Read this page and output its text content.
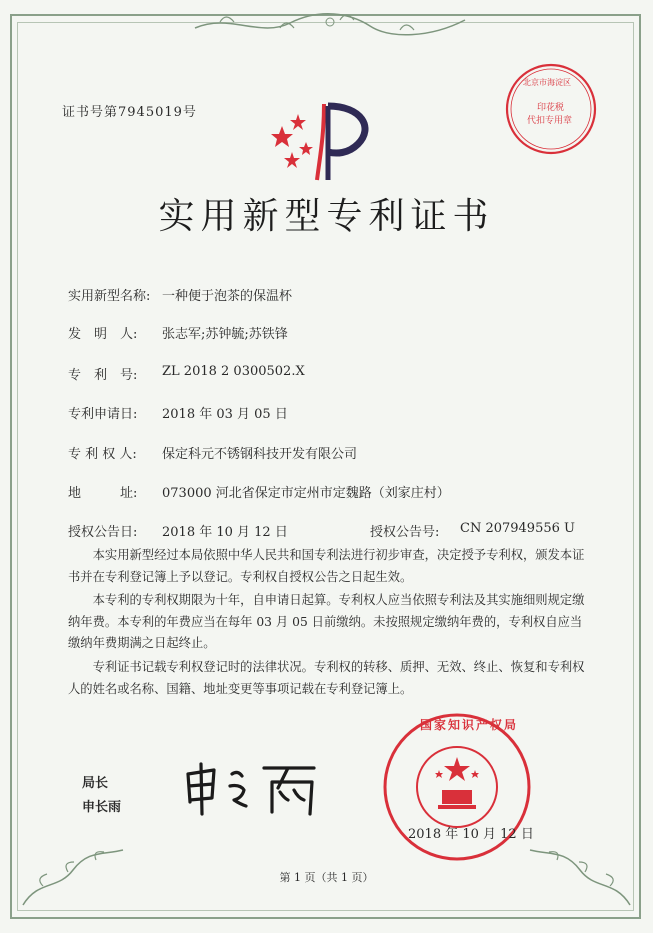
证书号第7945019号
北京市海淀区
印花税
代扣专用章
实用新型专利证书
实用新型名称: 一种便于泡茶的保温杯
发　明　人: 张志军;苏钟毓;苏铁锋
专　利　号: ZL 2018 2 0300502.X
专利申请日: 2018 年 03 月 05 日
专 利 权 人: 保定科元不锈钢科技开发有限公司
地　　　址: 073000 河北省保定市定州市定魏路（刘家庄村）
授权公告日: 2018 年 10 月 12 日	授权公告号: CN 207949556 U
　　本实用新型经过本局依照中华人民共和国专利法进行初步审查，决定授予专利权，颁发本证书并在专利登记簿上予以登记。专利权自授权公告之日起生效。
　　本专利的专利权期限为十年，自申请日起算。专利权人应当依照专利法及其实施细则规定缴纳年费。本专利的年费应当在每年 03 月 05 日前缴纳。未按照规定缴纳年费的，专利权自应当缴纳年费期满之日起终止。
　　专利证书记载专利权登记时的法律状况。专利权的转移、质押、无效、终止、恢复和专利权人的姓名或名称、国籍、地址变更等事项记载在专利登记簿上。
局长
申长雨
国家知识产权局
2018 年 10 月 12 日
第 1 页（共 1 页）
